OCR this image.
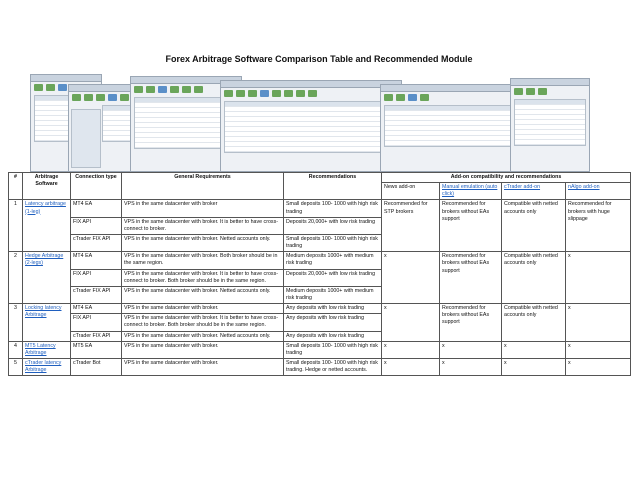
Forex Arbitrage Software Comparison Table and Recommended Module
#	Arbitrage Software	Connection type	General Requirements	Recommendations	Add-on compatibility and recommendations			
					News add-on	Manual emulation (auto click)	cTrader add-on	nAlgo add-on
1	Latency arbitrage (1-leg)	MT4 EA	VPS in the same datacenter with broker	Small deposits 100- 1000 with high risk trading	Recommended for STP brokers	Recommended for brokers without EAs support	Compatible with netted accounts only	Recommended for brokers with huge slippage
		FIX API	VPS in the same datacenter with broker. It is better to have cross-connect to broker.	Deposits 20,000+ with low risk trading				
		cTrader FIX API	VPS in the same datacenter with broker. Netted accounts only.	Small deposits 100- 1000 with high risk trading				
2	Hedge Arbitrage (2-legs)	MT4 EA	VPS in the same datacenter with broker. Both broker should be in the same region.	Medium deposits 1000+ with medium risk trading	x	Recommended for brokers without EAs support	Compatible with netted accounts only	x
		FIX API	VPS in the same datacenter with broker. It is better to have cross-connect to broker. Both broker should be in the same region.	Deposits 20,000+ with low risk trading				
		cTrader FIX API	VPS in the same datacenter with broker. Netted accounts only.	Medium deposits 1000+ with medium risk trading				
3	Locking latency Arbitrage	MT4 EA	VPS in the same datacenter with broker.	Any deposits with low risk trading	x	Recommended for brokers without EAs support	Compatible with netted accounts only	x
		FIX API	VPS in the same datacenter with broker. It is better to have cross-connect to broker. Both broker should be in the same region.	Any deposits with low risk trading				
		cTrader FIX API	VPS in the same datacenter with broker. Netted accounts only.	Any deposits with low risk trading				
4	MT5 Latency Arbitrage	MT5 EA	VPS in the same datacenter with broker.	Small deposits 100- 1000 with high risk trading	x	x	x	x
5	cTrader latency Arbitrage	cTrader Bot	VPS in the same datacenter with broker.	Small deposits 100- 1000 with high risk trading. Hedge or netted accounts.	x	x	x	x
